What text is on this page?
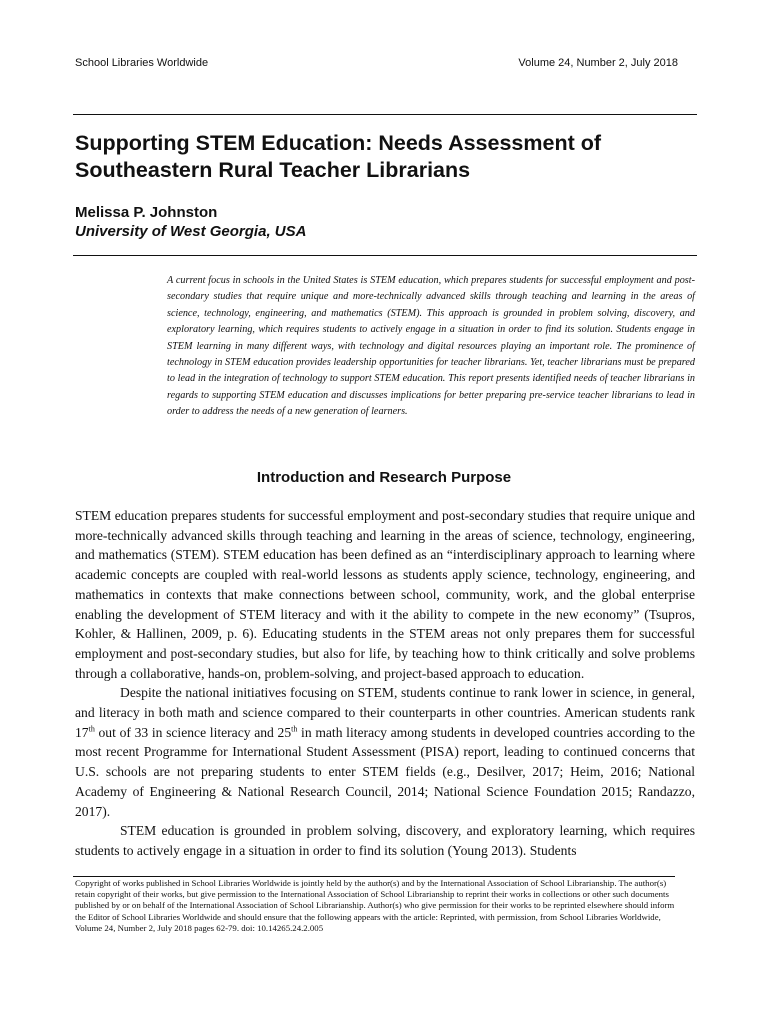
School Libraries Worldwide	Volume 24, Number 2, July 2018
Supporting STEM Education: Needs Assessment of Southeastern Rural Teacher Librarians
Melissa P. Johnston
University of West Georgia, USA

A current focus in schools in the United States is STEM education, which prepares students for successful employment and post-secondary studies that require unique and more-technically advanced skills through teaching and learning in the areas of science, technology, engineering, and mathematics (STEM). This approach is grounded in problem solving, discovery, and exploratory learning, which requires students to actively engage in a situation in order to find its solution. Students engage in STEM learning in many different ways, with technology and digital resources playing an important role. The prominence of technology in STEM education provides leadership opportunities for teacher librarians. Yet, teacher librarians must be prepared to lead in the integration of technology to support STEM education. This report presents identified needs of teacher librarians in regards to supporting STEM education and discusses implications for better preparing pre-service teacher librarians to lead in order to address the needs of a new generation of learners.

Introduction and Research Purpose

STEM education prepares students for successful employment and post-secondary studies that require unique and more-technically advanced skills through teaching and learning in the areas of science, technology, engineering, and mathematics (STEM). STEM education has been defined as an “interdisciplinary approach to learning where academic concepts are coupled with real-world lessons as students apply science, technology, engineering, and mathematics in contexts that make connections between school, community, work, and the global enterprise enabling the development of STEM literacy and with it the ability to compete in the new economy” (Tsupros, Kohler, & Hallinen, 2009, p. 6). Educating students in the STEM areas not only prepares them for successful employment and post-secondary studies, but also for life, by teaching how to think critically and solve problems through a collaborative, hands-on, problem-solving, and project-based approach to education.

Despite the national initiatives focusing on STEM, students continue to rank lower in science, in general, and literacy in both math and science compared to their counterparts in other countries. American students rank 17th out of 33 in science literacy and 25th in math literacy among students in developed countries according to the most recent Programme for International Student Assessment (PISA) report, leading to continued concerns that U.S. schools are not preparing students to enter STEM fields (e.g., Desilver, 2017; Heim, 2016; National Academy of Engineering & National Research Council, 2014; National Science Foundation 2015; Randazzo, 2017).

STEM education is grounded in problem solving, discovery, and exploratory learning, which requires students to actively engage in a situation in order to find its solution (Young 2013). Students

Copyright of works published in School Libraries Worldwide is jointly held by the author(s) and by the International Association of School Librarianship. The author(s) retain copyright of their works, but give permission to the International Association of School Librarianship to reprint their works in collections or other such documents published by or on behalf of the International Association of School Librarianship. Author(s) who give permission for their works to be reprinted elsewhere should inform the Editor of School Libraries Worldwide and should ensure that the following appears with the article: Reprinted, with permission, from School Libraries Worldwide, Volume 24, Number 2, July 2018 pages 62-79. doi: 10.14265.24.2.005
